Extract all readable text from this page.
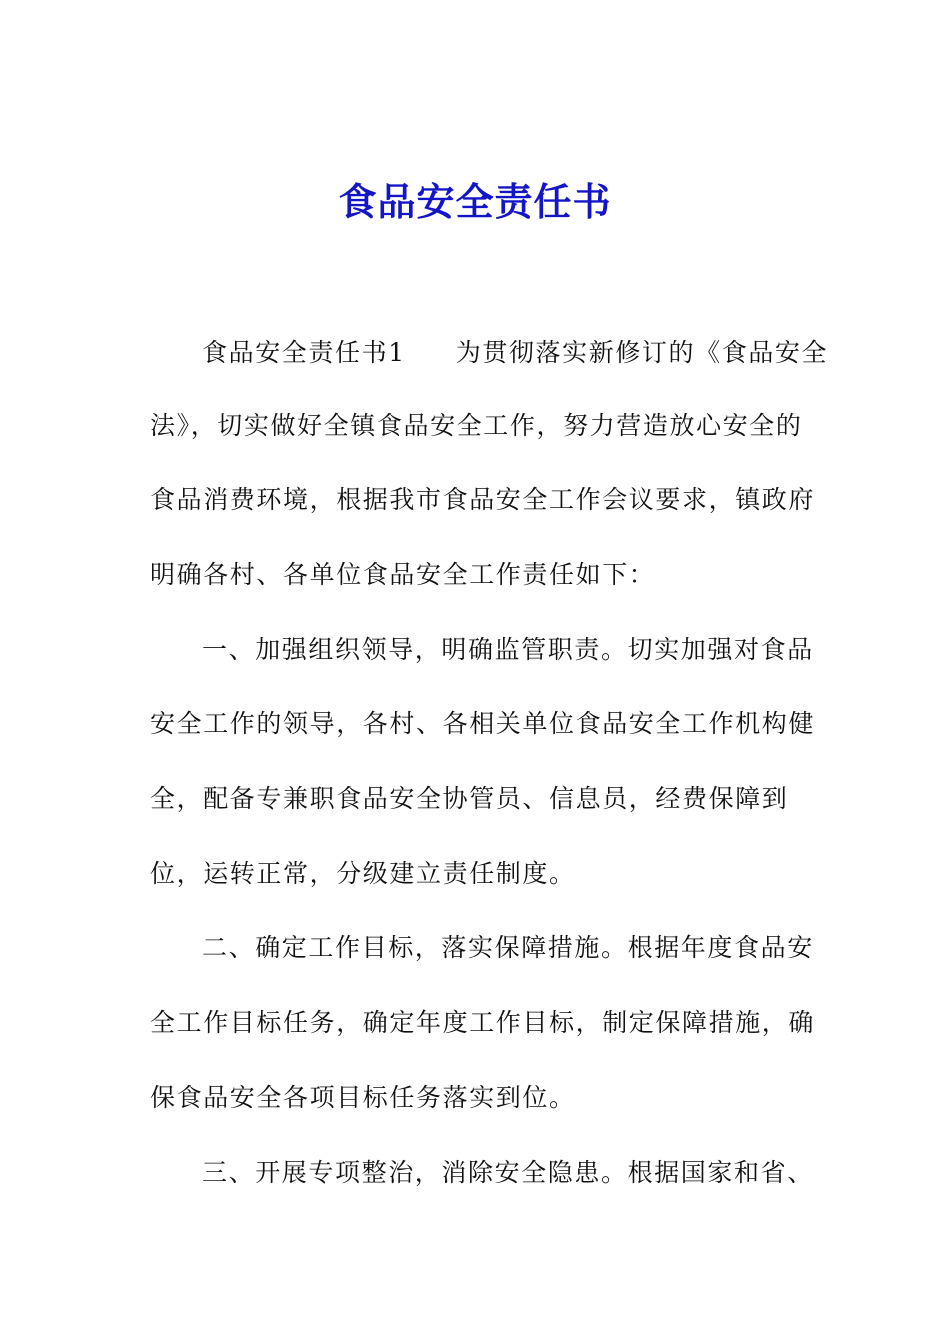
食品安全责任书

食品安全责任书1 为贯彻落实新修订的《食品安全

法》，切实做好全镇食品安全工作，努力营造放心安全的

食品消费环境，根据我市食品安全工作会议要求，镇政府

明确各村、各单位食品安全工作责任如下：

一、加强组织领导，明确监管职责。切实加强对食品

安全工作的领导，各村、各相关单位食品安全工作机构健

全，配备专兼职食品安全协管员、信息员，经费保障到

位，运转正常，分级建立责任制度。

二、确定工作目标，落实保障措施。根据年度食品安

全工作目标任务，确定年度工作目标，制定保障措施，确

保食品安全各项目标任务落实到位。

三、开展专项整治，消除安全隐患。根据国家和省、
